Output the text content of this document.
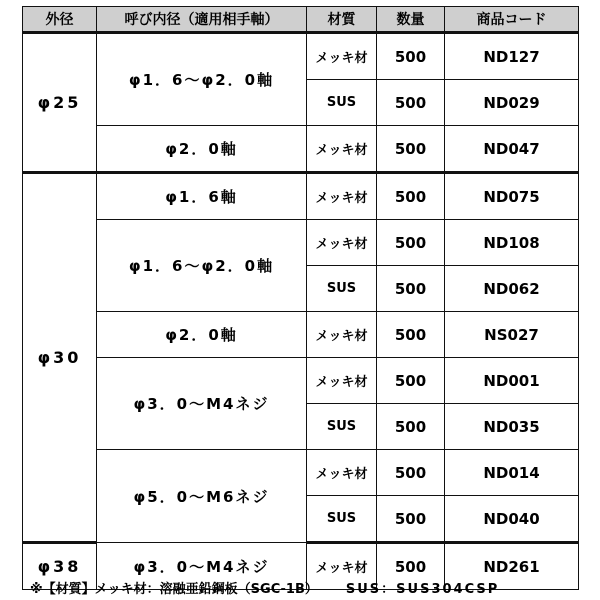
外径	呼び内径（適用相手軸）	材質	数量	商品コード
φ25	φ1．6～φ2．0軸	メッキ材	500	ND127
		SUS	500	ND029
	φ2．0軸	メッキ材	500	ND047
φ30	φ1．6軸	メッキ材	500	ND075
	φ1．6～φ2．0軸	メッキ材	500	ND108
		SUS	500	ND062
	φ2．0軸	メッキ材	500	NS027
	φ3．0～M4ネジ	メッキ材	500	ND001
		SUS	500	ND035
	φ5．0～M6ネジ	メッキ材	500	ND014
		SUS	500	ND040
φ38	φ3．0～M4ネジ	メッキ材	500	ND261
※【材質】メッキ材：溶融亜鉛鋼板（SGC-1B） SUS：SUS304CSP
